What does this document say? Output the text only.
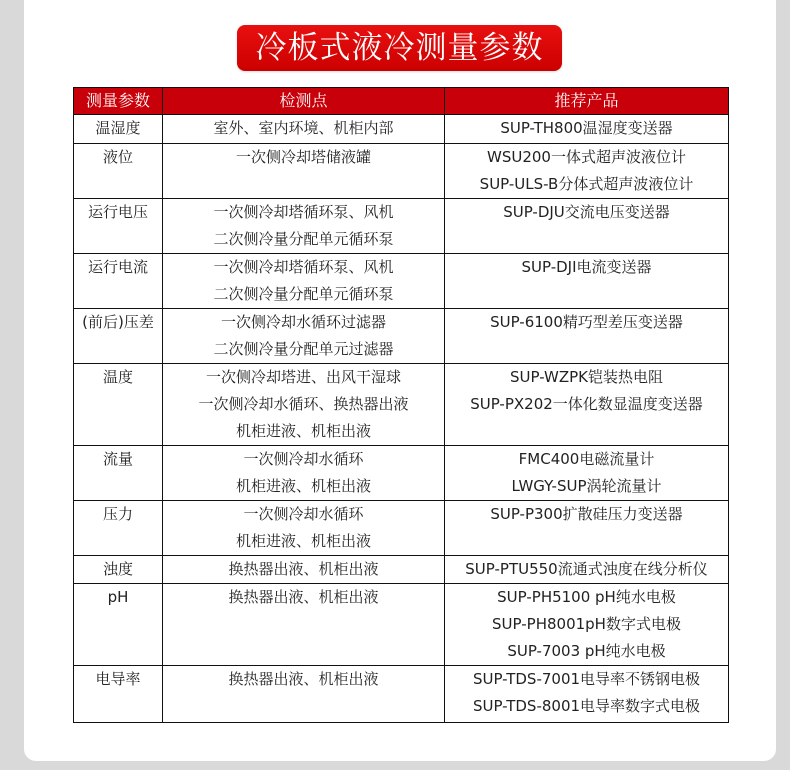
冷板式液冷测量参数
测量参数	检测点	推荐产品

温湿度	室外、室内环境、机柜内部	SUP-TH800温湿度变送器

液位	一次侧冷却塔储液罐	WSU200一体式超声波液位计
SUP-ULS-B分体式超声波液位计

运行电压	一次侧冷却塔循环泵、风机
二次侧冷量分配单元循环泵	SUP-DJU交流电压变送器

运行电流	一次侧冷却塔循环泵、风机
二次侧冷量分配单元循环泵	SUP-DJI电流变送器

(前后)压差	一次侧冷却水循环过滤器
二次侧冷量分配单元过滤器	SUP-6100精巧型差压变送器

温度	一次侧冷却塔进、出风干湿球
一次侧冷却水循环、换热器出液
机柜进液、机柜出液	SUP-WZPK铠装热电阻
SUP-PX202一体化数显温度变送器

流量	一次侧冷却水循环
机柜进液、机柜出液	FMC400电磁流量计
LWGY-SUP涡轮流量计

压力	一次侧冷却水循环
机柜进液、机柜出液	SUP-P300扩散硅压力变送器

浊度	换热器出液、机柜出液	SUP-PTU550流通式浊度在线分析仪

pH	换热器出液、机柜出液	SUP-PH5100 pH纯水电极
SUP-PH8001pH数字式电极
SUP-7003 pH纯水电极

电导率	换热器出液、机柜出液	SUP-TDS-7001电导率不锈钢电极
SUP-TDS-8001电导率数字式电极
